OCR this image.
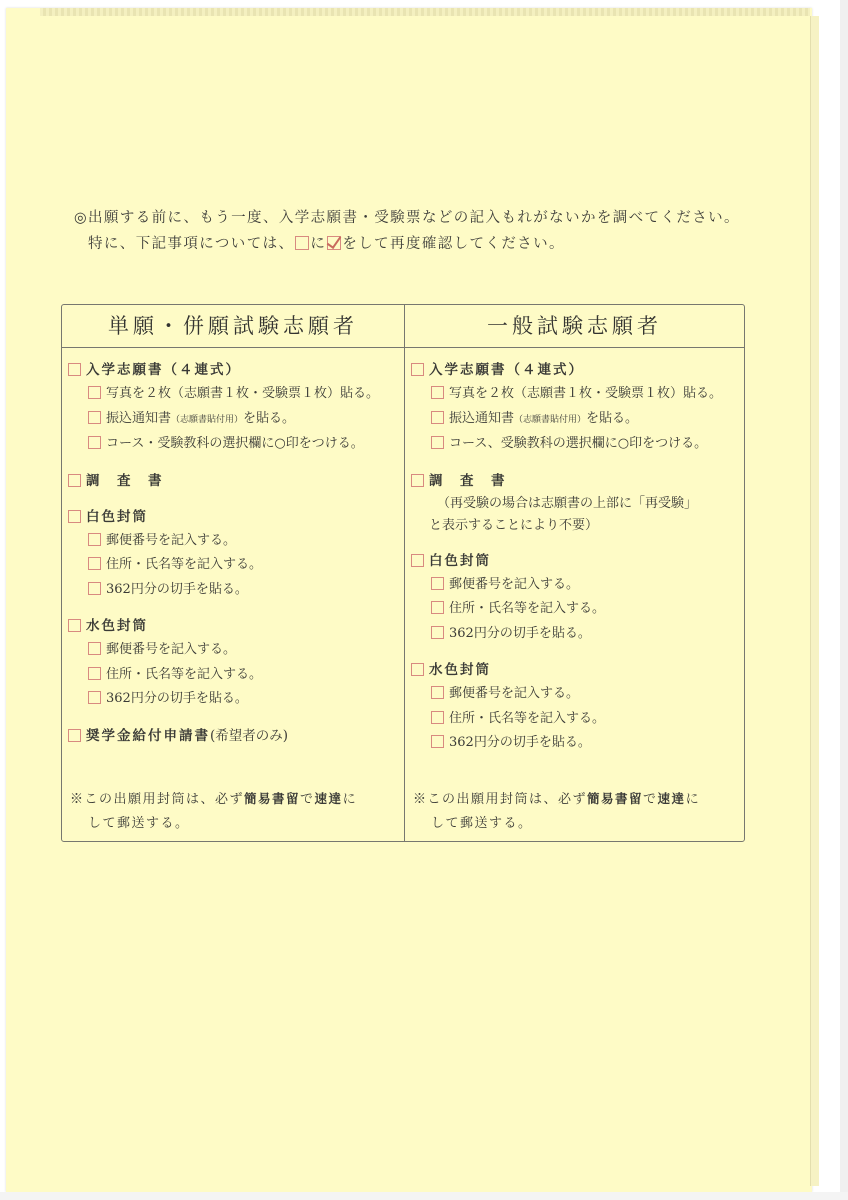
◎出願する前に、もう一度、入学志願書・受験票などの記入もれがないかを調べてください。
特に、下記事項については、 に をして再度確認してください。
単願・併願試験志願者
入学志願書（４連式）
写真を２枚（志願書１枚・受験票１枚）貼る。
振込通知書（志願書貼付用）を貼る。
コース・受験教科の選択欄に○印をつける。
調　査　書
白色封筒
郵便番号を記入する。
住所・氏名等を記入する。
362円分の切手を貼る。
水色封筒
郵便番号を記入する。
住所・氏名等を記入する。
362円分の切手を貼る。
奨学金給付申請書(希望者のみ)
※この出願用封筒は、必ず簡易書留で速達に
して郵送する。
一般試験志願者
入学志願書（４連式）
写真を２枚（志願書１枚・受験票１枚）貼る。
振込通知書（志願書貼付用）を貼る。
コース、受験教科の選択欄に○印をつける。
調　査　書
（再受験の場合は志願書の上部に「再受験」
と表示することにより不要）
白色封筒
郵便番号を記入する。
住所・氏名等を記入する。
362円分の切手を貼る。
水色封筒
郵便番号を記入する。
住所・氏名等を記入する。
362円分の切手を貼る。
※この出願用封筒は、必ず簡易書留で速達に
して郵送する。
